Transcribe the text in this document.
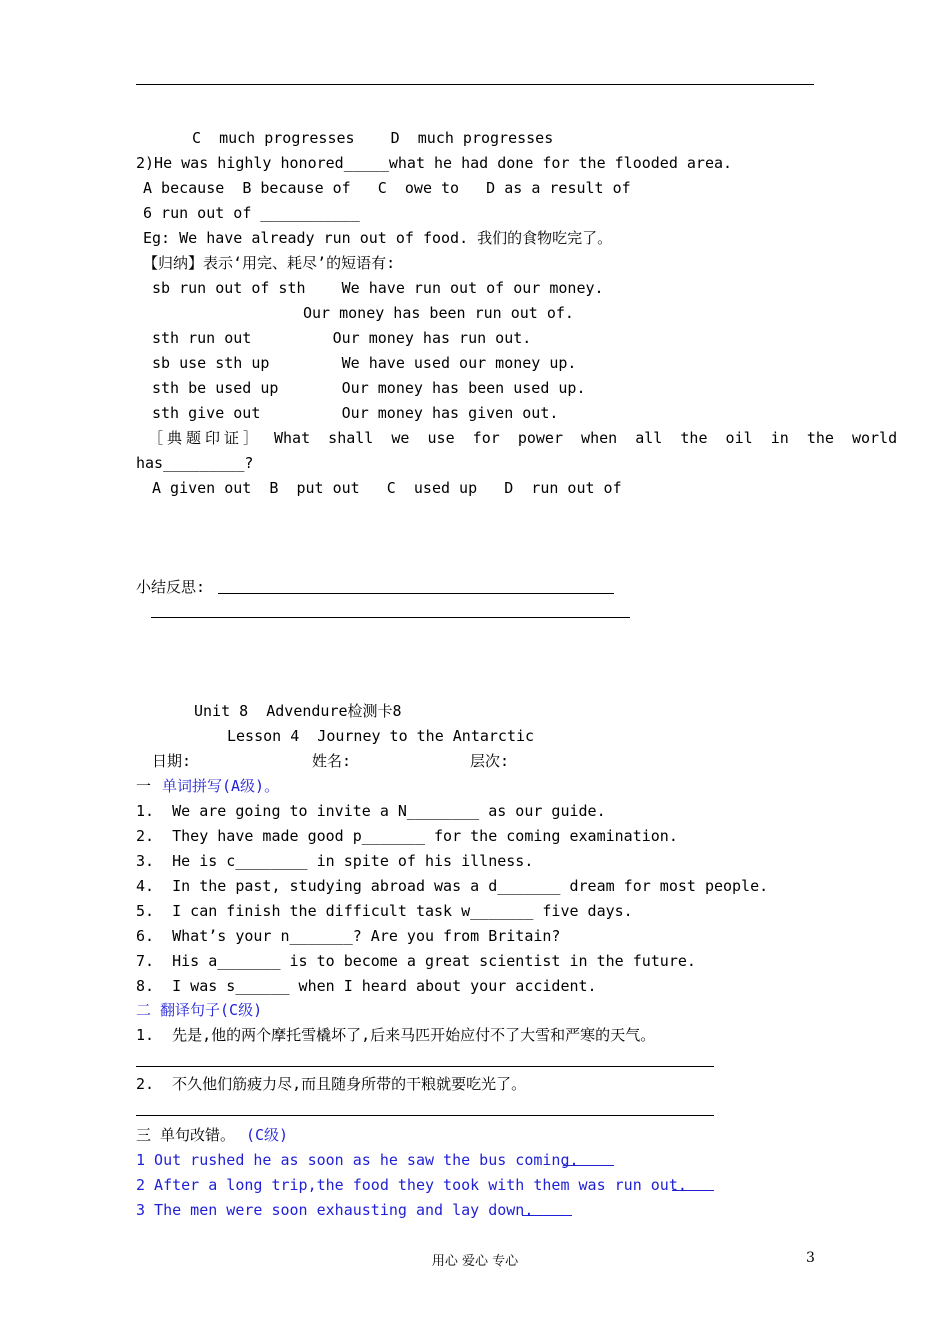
C  much progresses    D  much progresses
2)He was highly honored_____what he had done for the flooded area.
A because  B because of   C  owe to   D as a result of
6 run out of ___________
Eg: We have already run out of food. 我们的食物吃完了。
【归纳】表示‘用完、耗尽’的短语有:
sb run out of sth    We have run out of our money.
Our money has been run out of.
sth run out         Our money has run out.
sb use sth up        We have used our money up.
sth be used up       Our money has been used up.
sth give out         Our money has given out.
［典题印证］ What  shall  we  use  for  power  when  all  the  oil  in  the  world
has_________?
A given out  B  put out   C  used up   D  run out of
小结反思:
Unit 8  Advendure检测卡8
Lesson 4  Journey to the Antarctic
日期:	姓名:	层次:
一 单词拼写(A级)。
1.  We are going to invite a N________ as our guide.
2.  They have made good p_______ for the coming examination.
3.  He is c________ in spite of his illness.
4.  In the past, studying abroad was a d_______ dream for most people.
5.  I can finish the difficult task w_______ five days.
6.  What’s your n_______? Are you from Britain?
7.  His a_______ is to become a great scientist in the future.
8.  I was s______ when I heard about your accident.
二 翻译句子(C级)
1.  先是,他的两个摩托雪橇坏了,后来马匹开始应付不了大雪和严寒的天气。
2.  不久他们筋疲力尽,而且随身所带的干粮就要吃光了。
三 单句改错。 (C级)
1 Out rushed he as soon as he saw the bus coming.
2 After a long trip,the food they took with them was run out.
3 The men were soon exhausting and lay down.
用心 爱心 专心	3
